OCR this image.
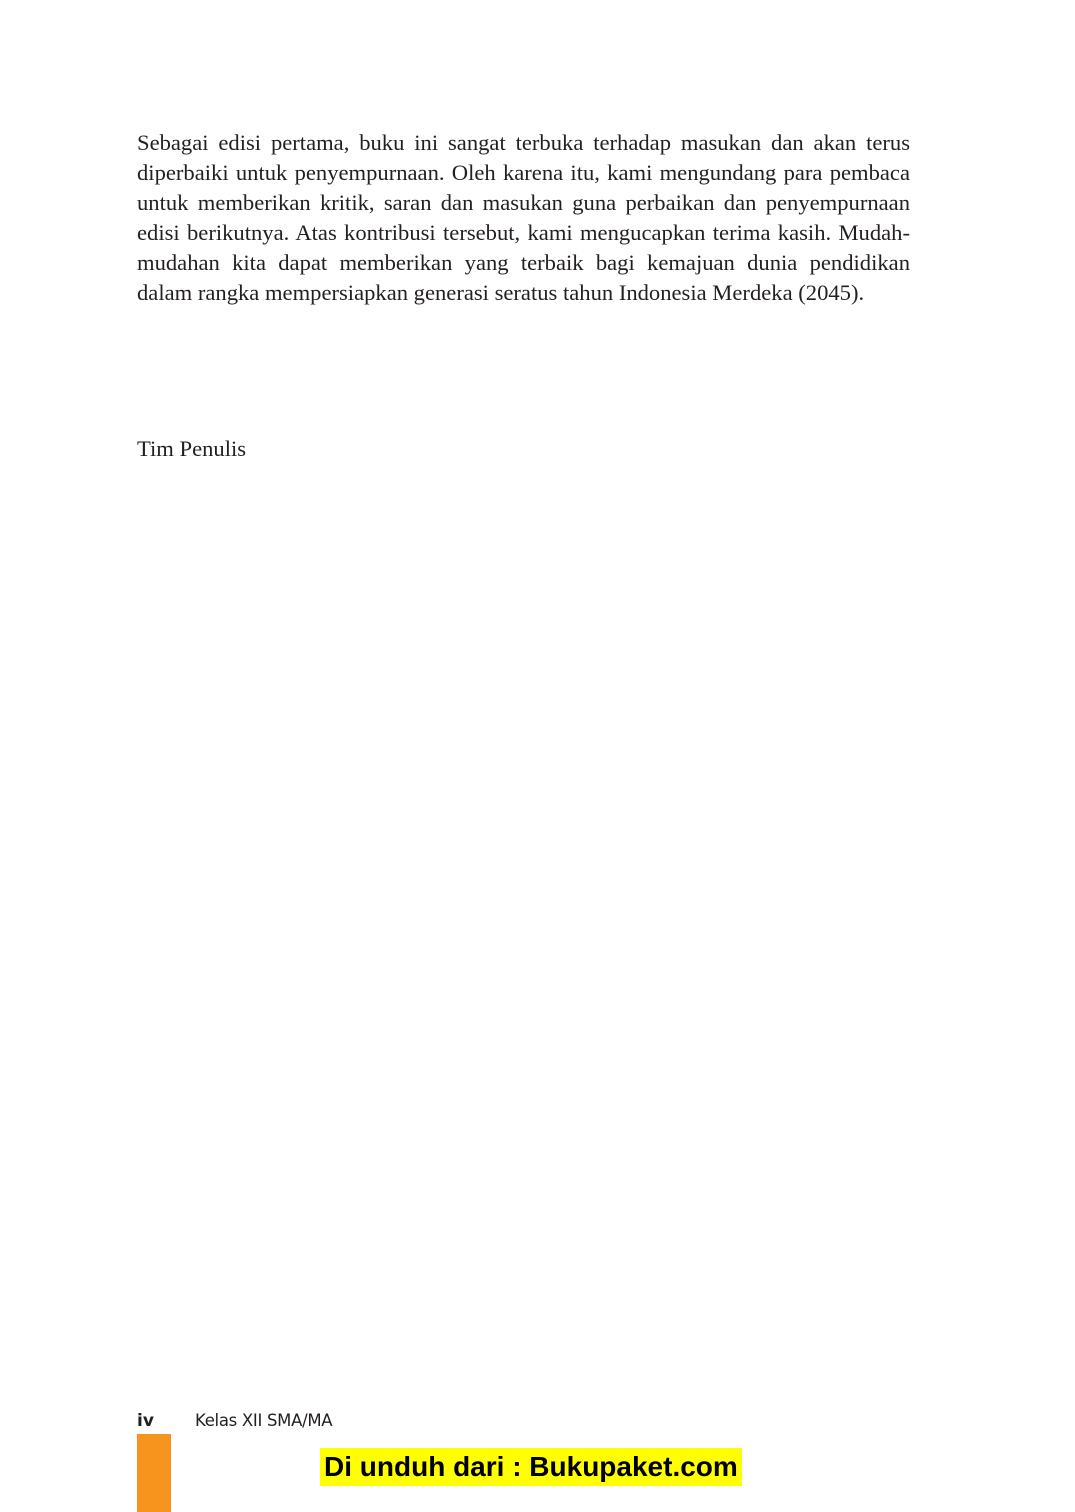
Sebagai edisi pertama, buku ini sangat terbuka terhadap masukan dan akan terus diperbaiki untuk penyempurnaan. Oleh karena itu, kami mengundang para pembaca untuk memberikan kritik, saran dan masukan guna perbaikan dan penyempurnaan edisi berikutnya. Atas kontribusi tersebut, kami mengucapkan terima kasih. Mudah-mudahan kita dapat memberikan yang terbaik bagi kemajuan dunia pendidikan dalam rangka mempersiapkan generasi seratus tahun Indonesia Merdeka (2045).

Tim Penulis

iv Kelas XII SMA/MA
Di unduh dari : Bukupaket.com
